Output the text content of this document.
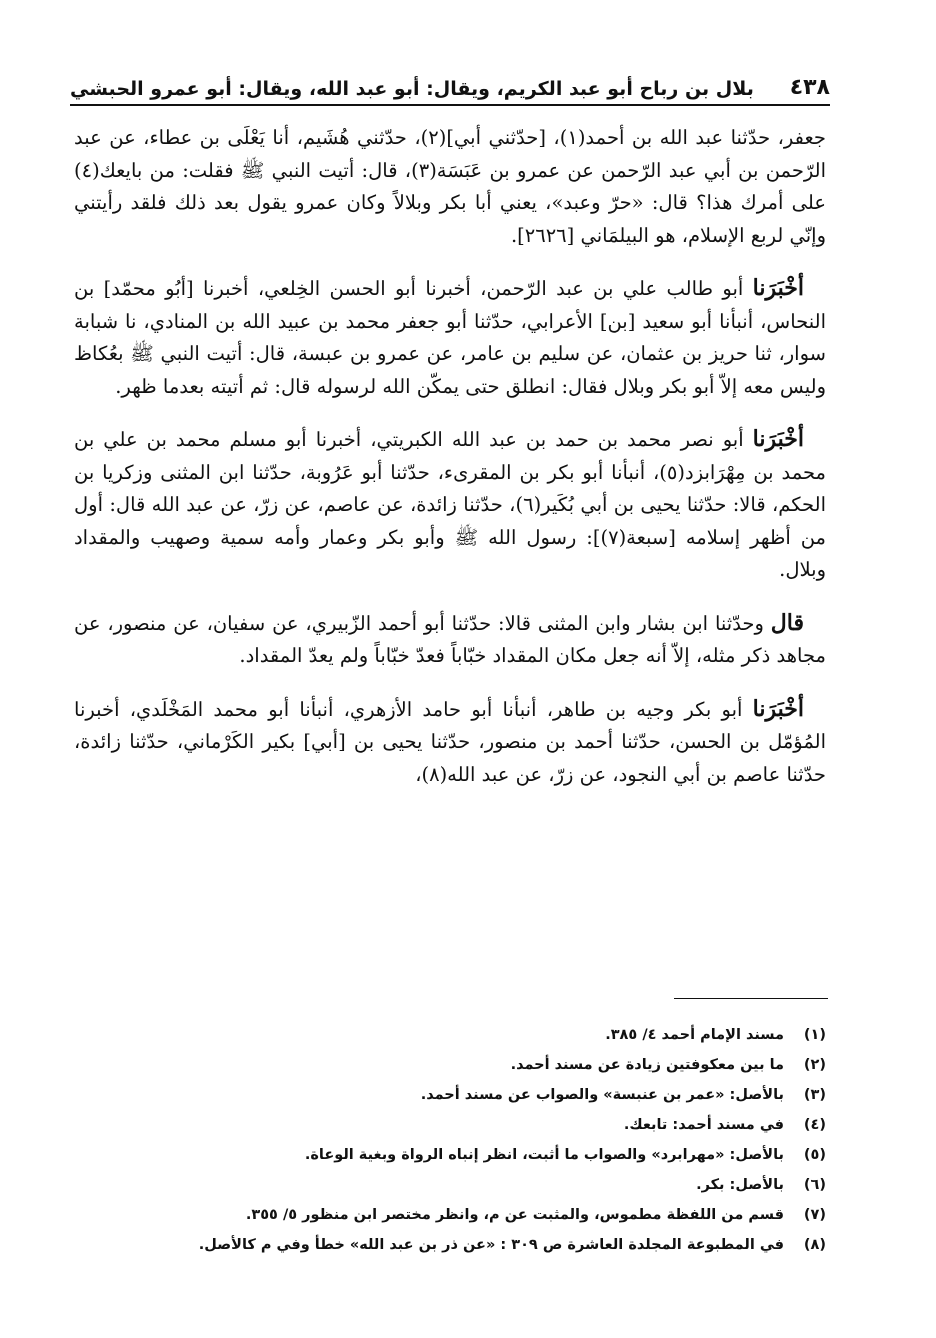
٤٣٨
بلال بن رباح أبو عبد الكريم، ويقال: أبو عبد الله، ويقال: أبو عمرو الحبشي

جعفر، حدّثنا عبد الله بن أحمد(١)، [حدّثني أبي](٢)، حدّثني هُشَيم، أنا يَعْلَى بن عطاء، عن عبد الرّحمن بن أبي عبد الرّحمن عن عمرو بن عَبَسَة(٣)، قال: أتيت النبي ﷺ فقلت: من بايعك(٤) على أمرك هذا؟ قال: «حرّ وعبد»، يعني أبا بكر وبلالاً وكان عمرو يقول بعد ذلك فلقد رأيتني وإنّي لربع الإسلام، هو البيلمَاني [٢٦٢٦].

أخْبَرَنا أبو طالب علي بن عبد الرّحمن، أخبرنا أبو الحسن الخِلعي، أخبرنا [أبُو محمّد] بن النحاس، أنبأنا أبو سعيد [بن] الأعرابي، حدّثنا أبو جعفر محمد بن عبيد الله بن المنادي، نا شبابة سوار، ثنا حريز بن عثمان، عن سليم بن عامر، عن عمرو بن عبسة، قال: أتيت النبي ﷺ بعُكاظ وليس معه إلاّ أبو بكر وبلال فقال: انطلق حتى يمكّن الله لرسوله قال: ثم أتيته بعدما ظهر.

أخْبَرَنا أبو نصر محمد بن حمد بن عبد الله الكبريتي، أخبرنا أبو مسلم محمد بن علي بن محمد بن مِهْرَابزد(٥)، أنبأنا أبو بكر بن المقرىء، حدّثنا أبو عَرُوبة، حدّثنا ابن المثنى وزكريا بن الحكم، قالا: حدّثنا يحيى بن أبي بُكَير(٦)، حدّثنا زائدة، عن عاصم، عن زرّ، عن عبد الله قال: أول من أظهر إسلامه [سبعة(٧)]: رسول الله ﷺ وأبو بكر وعمار وأمه سمية وصهيب والمقداد وبلال.

قال وحدّثنا ابن بشار وابن المثنى قالا: حدّثنا أبو أحمد الزّبيري، عن سفيان، عن منصور، عن مجاهد ذكر مثله، إلاّ أنه جعل مكان المقداد خبّاباً فعدّ خبّاباً ولم يعدّ المقداد.

أخْبَرَنا أبو بكر وجيه بن طاهر، أنبأنا أبو حامد الأزهري، أنبأنا أبو محمد المَخْلَدي، أخبرنا المُؤمّل بن الحسن، حدّثنا أحمد بن منصور، حدّثنا يحيى بن [أبي] بكير الكَرْماني، حدّثنا زائدة، حدّثنا عاصم بن أبي النجود، عن زرّ، عن عبد الله(٨)،

(١)مسند الإمام أحمد ٤/ ٣٨٥.
(٢)ما بين معكوفتين زيادة عن مسند أحمد.
(٣)بالأصل: «عمر بن عنبسة» والصواب عن مسند أحمد.
(٤)في مسند أحمد: تابعك.
(٥)بالأصل: «مهرابرد» والصواب ما أثبت، انظر إنباه الرواة وبغية الوعاة.
(٦)بالأصل: بكر.
(٧)قسم من اللفظة مطموس، والمثبت عن م، وانظر مختصر ابن منظور ٥/ ٣٥٥.
(٨)في المطبوعة المجلدة العاشرة ص ٣٠٩ : «عن ذر بن عبد الله» خطأ وفي م كالأصل.
